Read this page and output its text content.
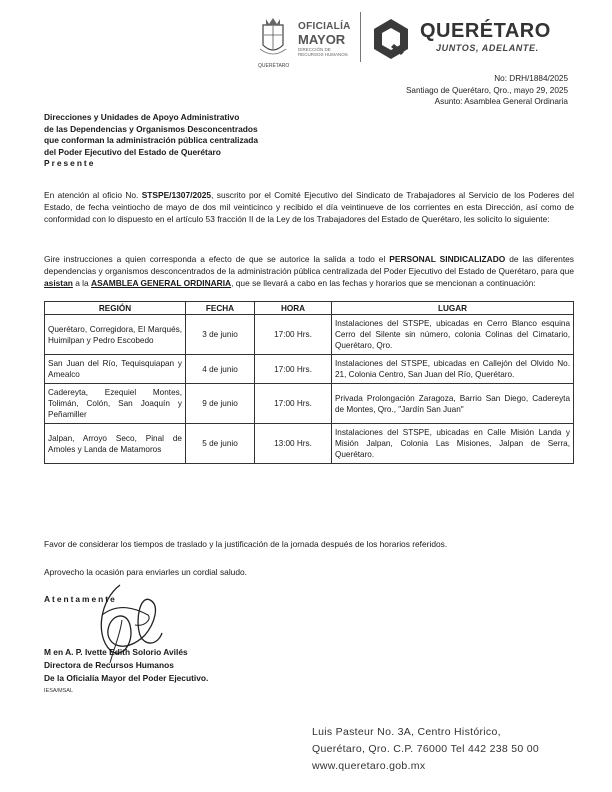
OFICIALÍA
MAYOR
DIRECCIÓN DE RECURSOS HUMANOS
QUERÉTARO
QUERÉTARO
JUNTOS, ADELANTE.
No: DRH/1884/2025
Santiago de Querétaro, Qro., mayo 29, 2025
Asunto: Asamblea General Ordinaria
Direcciones y Unidades de Apoyo Administrativo
de las Dependencias y Organismos Desconcentrados
que conforman la administración pública centralizada
del Poder Ejecutivo del Estado de Querétaro
Presente
En atención al oficio No. STSPE/1307/2025, suscrito por el Comité Ejecutivo del Sindicato de Trabajadores al Servicio de los Poderes del Estado, de fecha veintiocho de mayo de dos mil veinticinco y recibido el día veintinueve de los corrientes en esta Dirección, así como de conformidad con lo dispuesto en el artículo 53 fracción II de la Ley de los Trabajadores del Estado de Querétaro, les solicito lo siguiente:
Gire instrucciones a quien corresponda a efecto de que se autorice la salida a todo el PERSONAL SINDICALIZADO de las diferentes dependencias y organismos desconcentrados de la administración pública centralizada del Poder Ejecutivo del Estado de Querétaro, para que asistan a la ASAMBLEA GENERAL ORDINARIA, que se llevará a cabo en las fechas y horarios que se mencionan a continuación:
REGIÓN	FECHA	HORA	LUGAR
Querétaro, Corregidora, El Marqués, Huimilpan y Pedro Escobedo	3 de junio	17:00 Hrs.	Instalaciones del STSPE, ubicadas en Cerro Blanco esquina Cerro del Silente sin número, colonia Colinas del Cimatario, Querétaro, Qro.
San Juan del Río, Tequisquiapan y Amealco	4 de junio	17:00 Hrs.	Instalaciones del STSPE, ubicadas en Callejón del Olvido No. 21, Colonia Centro, San Juan del Río, Querétaro.
Cadereyta, Ezequiel Montes, Tolimán, Colón, San Joaquín y Peñamiller	9 de junio	17:00 Hrs.	Privada Prolongación Zaragoza, Barrio San Diego, Cadereyta de Montes, Qro., "Jardín San Juan"
Jalpan, Arroyo Seco, Pinal de Amoles y Landa de Matamoros	5 de junio	13:00 Hrs.	Instalaciones del STSPE, ubicadas en Calle Misión Landa y Misión Jalpan, Colonia Las Misiones, Jalpan de Serra, Querétaro.
Favor de considerar los tiempos de traslado y la justificación de la jornada después de los horarios referidos.
Aprovecho la ocasión para enviarles un cordial saludo.
Atentamente
M en A. P. Ivette Edith Solorio Avilés
Directora de Recursos Humanos
De la Oficialía Mayor del Poder Ejecutivo.
IESA/MSAL
Luis Pasteur No. 3A, Centro Histórico,
Querétaro, Qro. C.P. 76000 Tel 442 238 50 00
www.queretaro.gob.mx
